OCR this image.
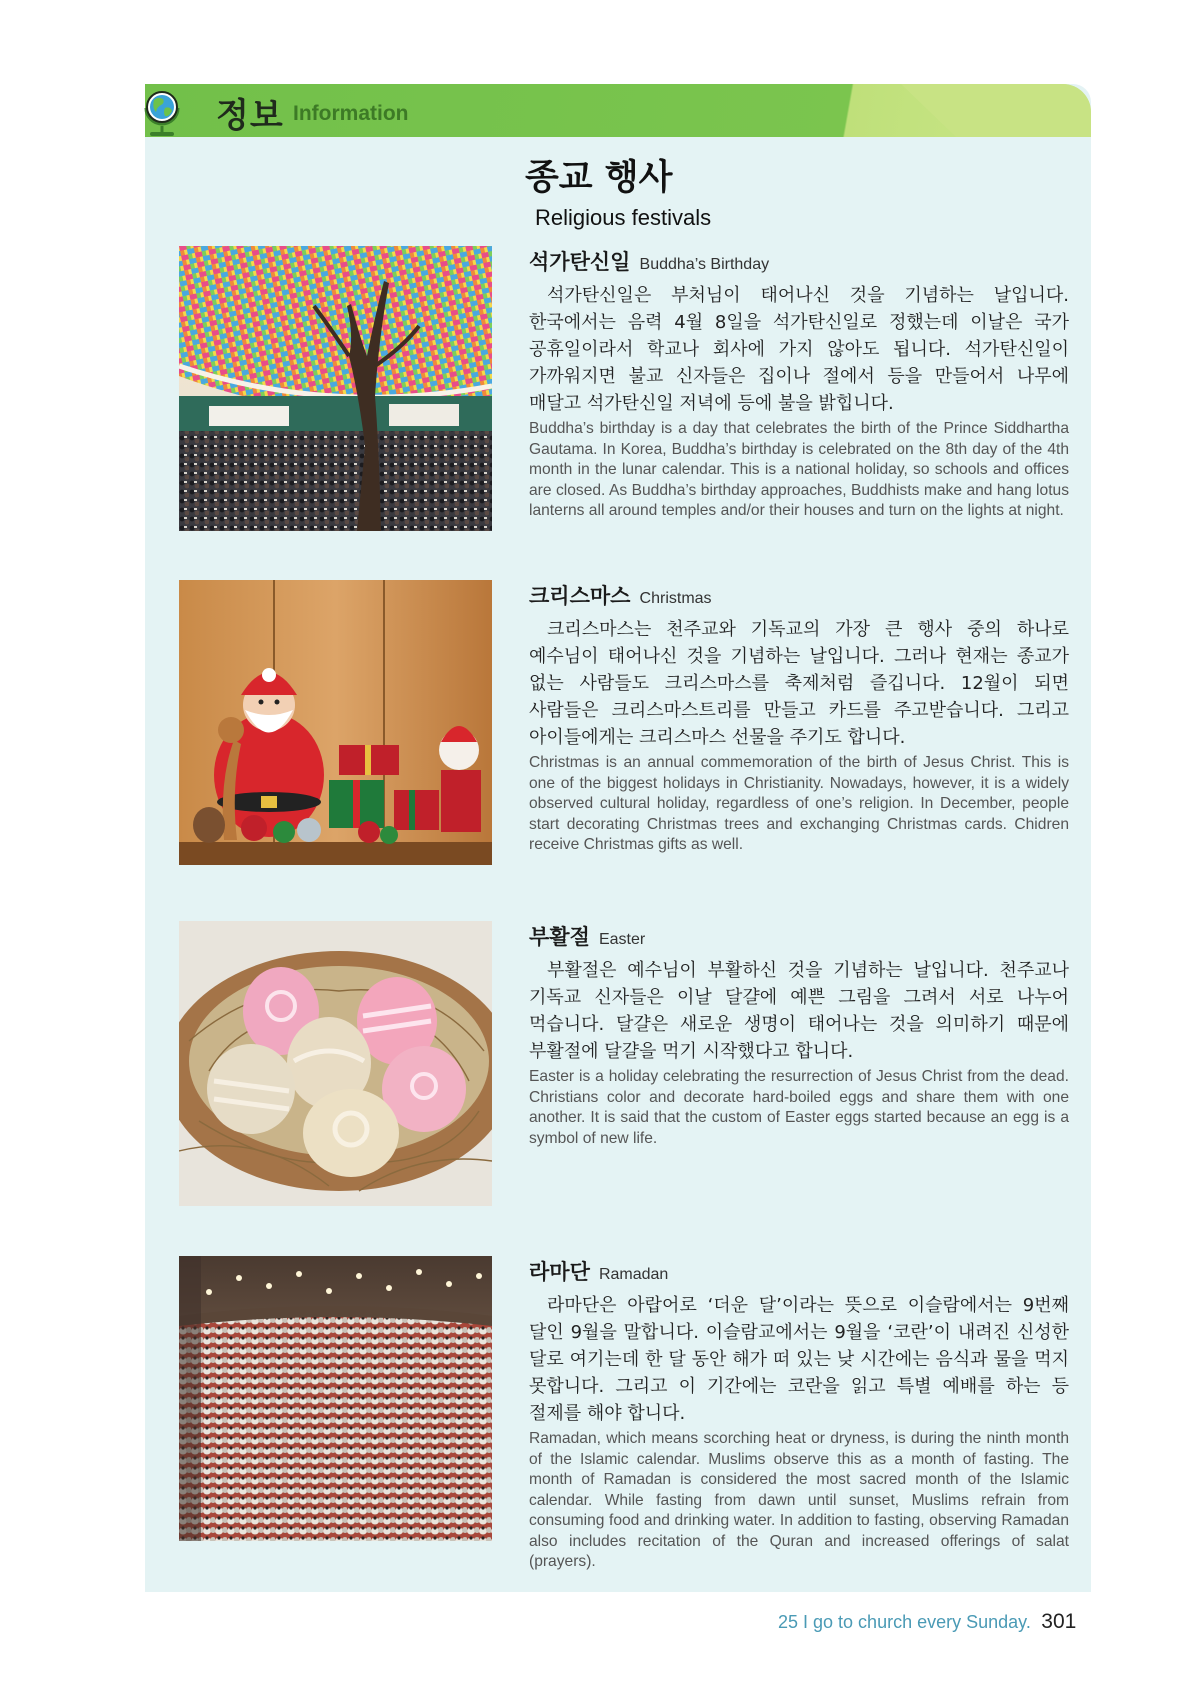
정보 Information
종교 행사
Religious festivals
석가탄신일 Buddha’s Birthday
석가탄신일은 부처님이 태어나신 것을 기념하는 날입니다. 한국에서는 음력 4월 8일을 석가탄신일로 정했는데 이날은 국가 공휴일이라서 학교나 회사에 가지 않아도 됩니다. 석가탄신일이 가까워지면 불교 신자들은 집이나 절에서 등을 만들어서 나무에 매달고 석가탄신일 저녁에 등에 불을 밝힙니다.
Buddha’s birthday is a day that celebrates the birth of the Prince Siddhartha Gautama. In Korea, Buddha’s birthday is celebrated on the 8th day of the 4th month in the lunar calendar. This is a national holiday, so schools and offices are closed. As Buddha’s birthday approaches, Buddhists make and hang lotus lanterns all around temples and/or their houses and turn on the lights at night.
크리스마스 Christmas
크리스마스는 천주교와 기독교의 가장 큰 행사 중의 하나로 예수님이 태어나신 것을 기념하는 날입니다. 그러나 현재는 종교가 없는 사람들도 크리스마스를 축제처럼 즐깁니다. 12월이 되면 사람들은 크리스마스트리를 만들고 카드를 주고받습니다. 그리고 아이들에게는 크리스마스 선물을 주기도 합니다.
Christmas is an annual commemoration of the birth of Jesus Christ. This is one of the biggest holidays in Christianity. Nowadays, however, it is a widely observed cultural holiday, regardless of one’s religion. In December, people start decorating Christmas trees and exchanging Christmas cards. Chidren receive Christmas gifts as well.
부활절 Easter
부활절은 예수님이 부활하신 것을 기념하는 날입니다. 천주교나 기독교 신자들은 이날 달걀에 예쁜 그림을 그려서 서로 나누어 먹습니다. 달걀은 새로운 생명이 태어나는 것을 의미하기 때문에 부활절에 달걀을 먹기 시작했다고 합니다.
Easter is a holiday celebrating the resurrection of Jesus Christ from the dead. Christians color and decorate hard-boiled eggs and share them with one another. It is said that the custom of Easter eggs started because an egg is a symbol of new life.
라마단 Ramadan
라마단은 아랍어로 ‘더운 달’이라는 뜻으로 이슬람에서는 9번째 달인 9월을 말합니다. 이슬람교에서는 9월을 ‘코란’이 내려진 신성한 달로 여기는데 한 달 동안 해가 떠 있는 낮 시간에는 음식과 물을 먹지 못합니다. 그리고 이 기간에는 코란을 읽고 특별 예배를 하는 등 절제를 해야 합니다.
Ramadan, which means scorching heat or dryness, is during the ninth month of the Islamic calendar. Muslims observe this as a month of fasting. The month of Ramadan is considered the most sacred month of the Islamic calendar. While fasting from dawn until sunset, Muslims refrain from consuming food and drinking water. In addition to fasting, observing Ramadan also includes recitation of the Quran and increased offerings of salat (prayers).
25 I go to church every Sunday. 301
